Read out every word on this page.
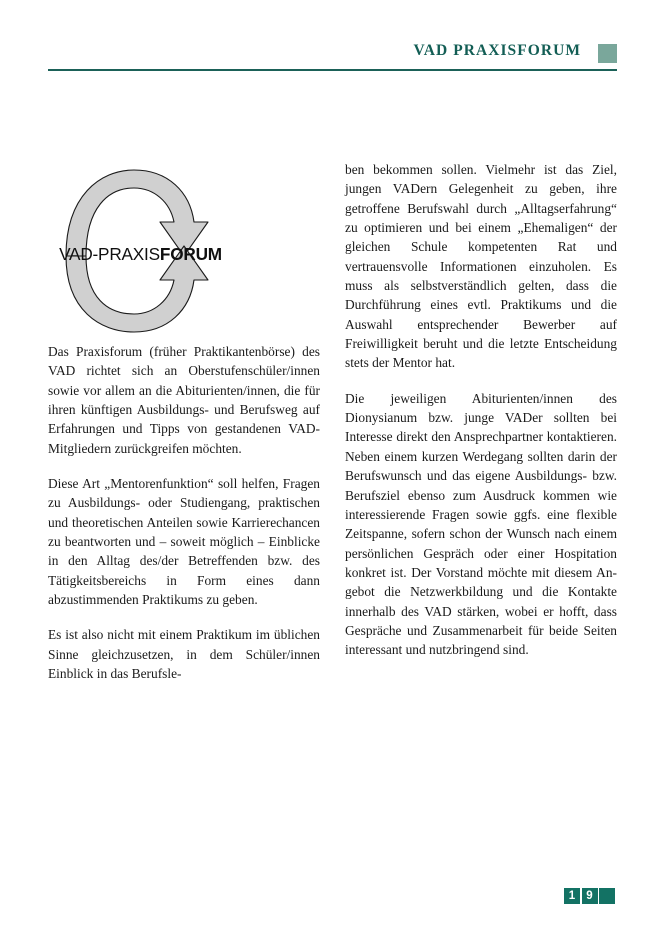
VAD PRAXISFORUM
VAD-PRAXISFORUM

Das Praxisforum (früher Praktikantenbörse) des VAD richtet sich an Oberstufenschüler/innen sowie vor allem an die Abiturienten/innen, die für ihren künftigen Ausbildungs- und Berufsweg auf Erfahrungen und Tipps von gestandenen VAD-Mitgliedern zurückgreifen möchten.

Diese Art „Mentorenfunktion“ soll helfen, Fragen zu Ausbildungs- oder Studiengang, praktischen und theoretischen Anteilen sowie Karrierechancen zu beantworten und – soweit möglich – Einblicke in den Alltag des/der Betreffenden bzw. des Tätigkeitsbereichs in Form eines dann abzustimmenden Praktikums zu geben.

Es ist also nicht mit einem Praktikum im üblichen Sinne gleichzusetzen, in dem Schüler/innen Einblick in das Berufsle-

ben bekommen sollen. Vielmehr ist das Ziel, jungen VADern Gelegenheit zu geben, ihre getroffene Berufswahl durch „Alltagserfahrung“ zu optimieren und bei einem „Ehemaligen“ der gleichen Schule kompetenten Rat und vertrauensvolle Informationen einzuholen. Es muss als selbstverständlich gelten, dass die Durchführung eines evtl. Praktikums und die Auswahl entsprechender Bewerber auf Freiwilligkeit beruht und die letzte Entscheidung stets der Mentor hat.

Die jeweiligen Abiturienten/innen des Dionysianum bzw. junge VADer sollten bei Interesse direkt den Ansprechpartner kontaktieren. Neben einem kurzen Werdegang sollten darin der Berufswunsch und das eigene Ausbildungs- bzw. Berufsziel ebenso zum Ausdruck kommen wie interessierende Fragen sowie ggfs. eine flexible Zeitspanne, sofern schon der Wunsch nach einem persönlichen Gespräch oder einer Hospitation konkret ist. Der Vorstand möchte mit diesem Angebot die Netzwerkbildung und die Kontakte innerhalb des VAD stärken, wobei er hofft, dass Gespräche und Zusammenarbeit für beide Seiten interessant und nutzbringend sind.

1 9
